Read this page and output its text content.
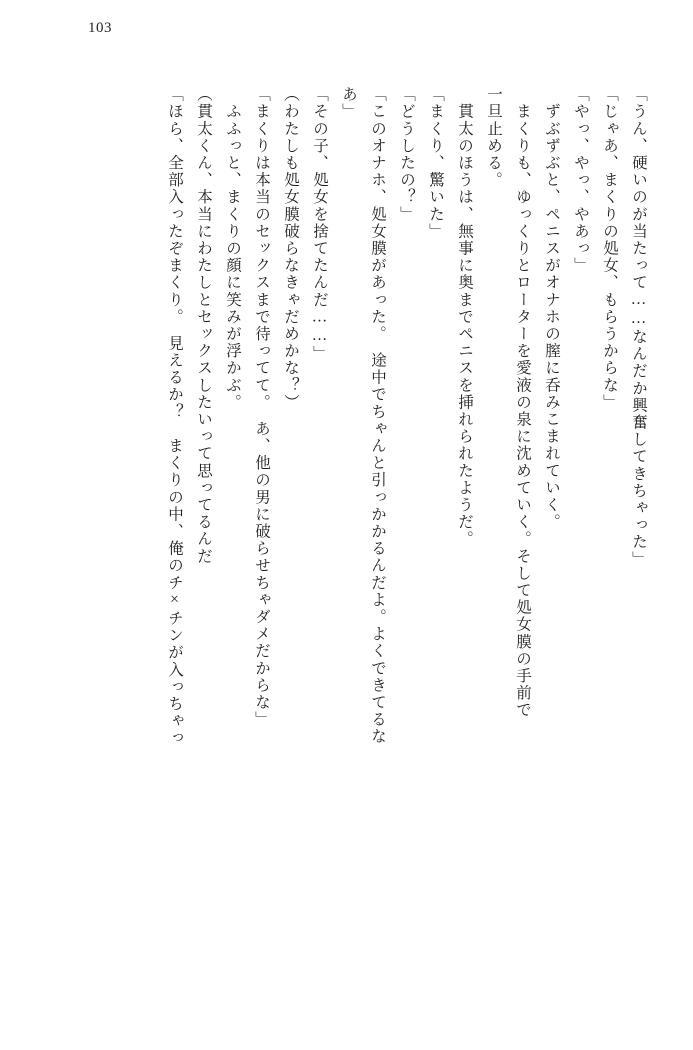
103
「うん、硬いのが当たって……なんだか興奮してきちゃった」
「じゃあ、まくりの処女、もらうからな」
「やっ、やっ、やあっ」
　ずぶずぶと、ペニスがオナホの膣に呑みこまれていく。
　まくりも、ゆっくりとローターを愛液の泉に沈めていく。そして処女膜の手前で
一旦止める。
　貫太のほうは、無事に奥までペニスを挿れられたようだ。
「まくり、驚いた」
「どうしたの？」
「このオナホ、処女膜があった。　途中でちゃんと引っかかるんだよ。よくできてるな
あ」
「その子、処女を捨てたんだ……」
（わたしも処女膜破らなきゃだめかな？）
「まくりは本当のセックスまで待ってて。　あ、他の男に破らせちゃダメだからな」
　ふふっと、まくりの顔に笑みが浮かぶ。
（貫太くん、本当にわたしとセックスしたいって思ってるんだ
「ほら、全部入ったぞまくり。　見えるか？　まくりの中、俺のチ×チンが入っちゃっ
